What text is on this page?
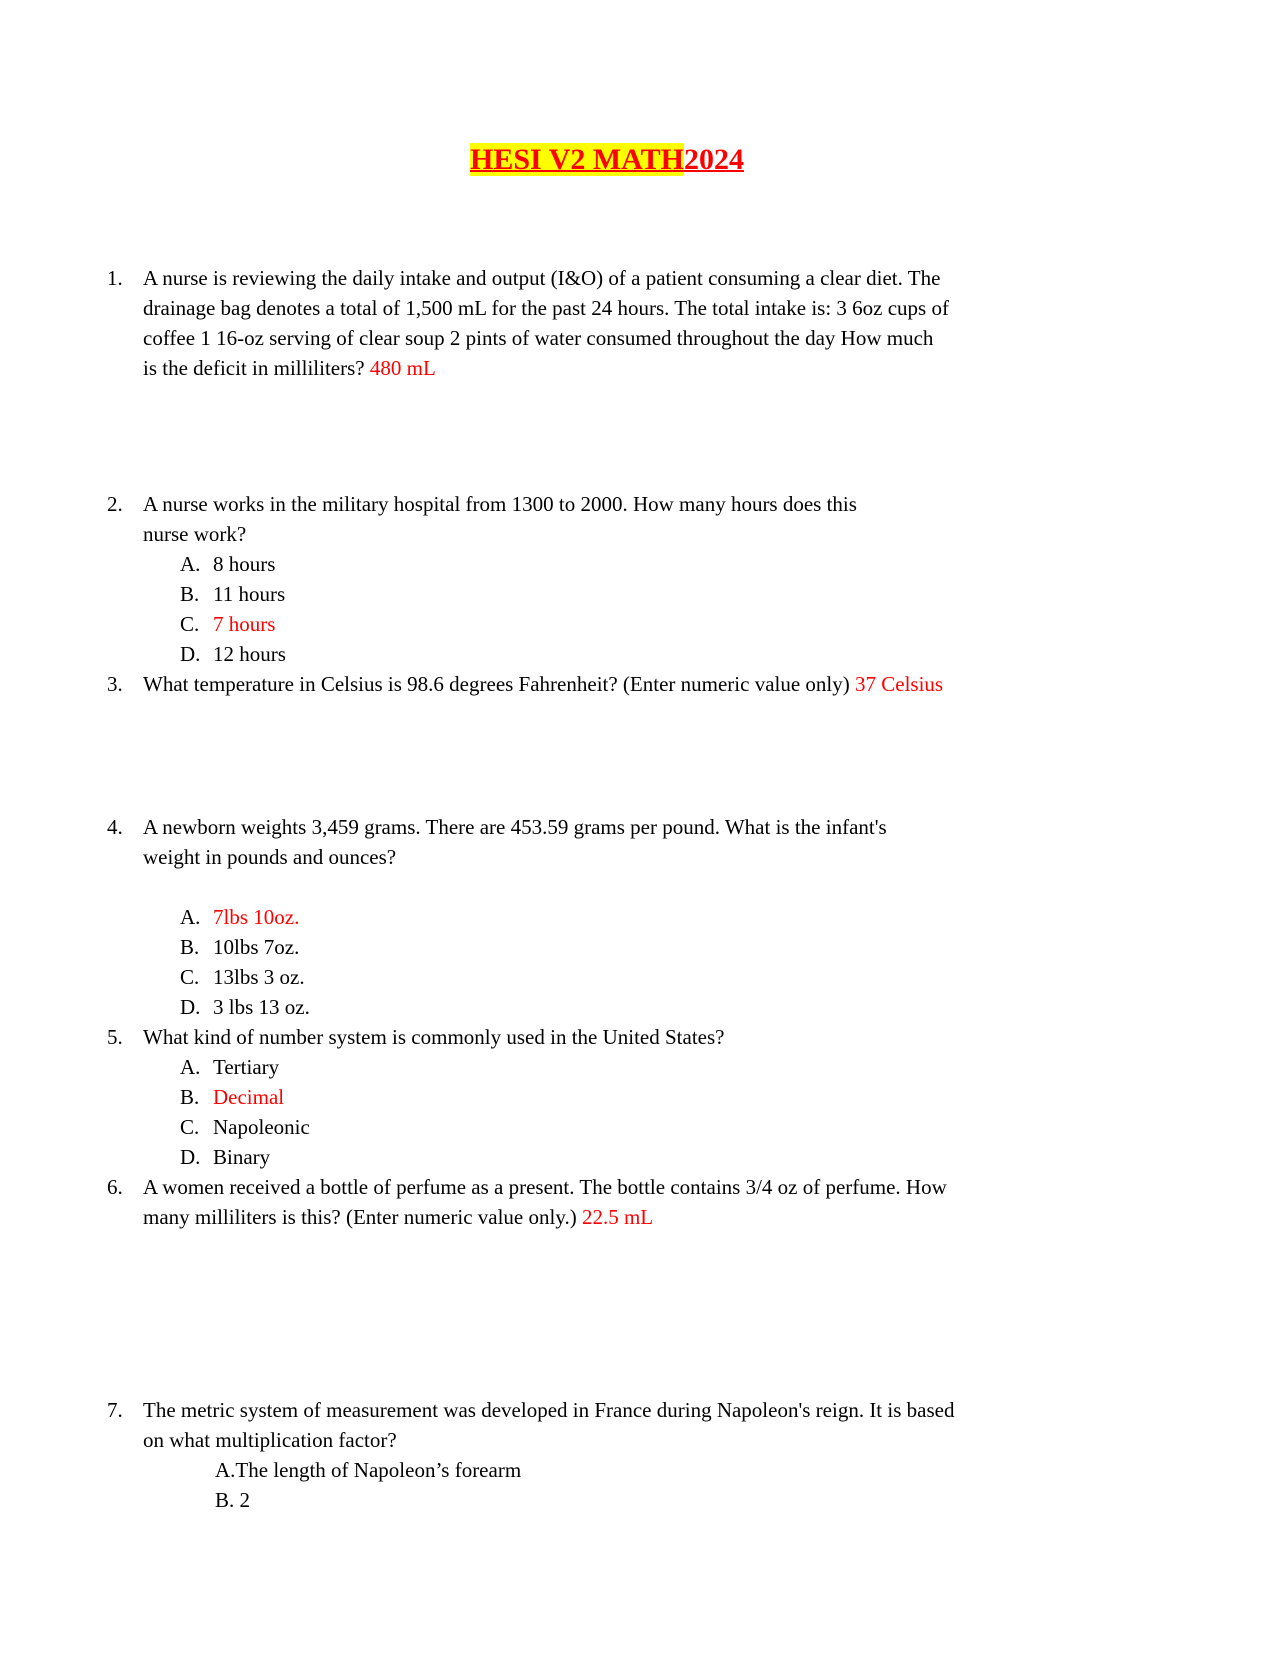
HESI V2 MATH2024
1. A nurse is reviewing the daily intake and output (I&O) of a patient consuming a clear diet. The
drainage bag denotes a total of 1,500 mL for the past 24 hours. The total intake is: 3 6oz cups of
coffee 1 16-oz serving of clear soup 2 pints of water consumed throughout the day How much
is the deficit in milliliters? 480 mL
2. A nurse works in the military hospital from 1300 to 2000. How many hours does this
nurse work?
A. 8 hours
B. 11 hours
C. 7 hours
D. 12 hours
3. What temperature in Celsius is 98.6 degrees Fahrenheit? (Enter numeric value only) 37 Celsius
4. A newborn weights 3,459 grams. There are 453.59 grams per pound. What is the infant's
weight in pounds and ounces?
A. 7lbs 10oz.
B. 10lbs 7oz.
C. 13lbs 3 oz.
D. 3 lbs 13 oz.
5. What kind of number system is commonly used in the United States?
A. Tertiary
B. Decimal
C. Napoleonic
D. Binary
6. A women received a bottle of perfume as a present. The bottle contains 3/4 oz of perfume. How
many milliliters is this? (Enter numeric value only.) 22.5 mL
7. The metric system of measurement was developed in France during Napoleon's reign. It is based
on what multiplication factor?
A.The length of Napoleon’s forearm
B. 2
